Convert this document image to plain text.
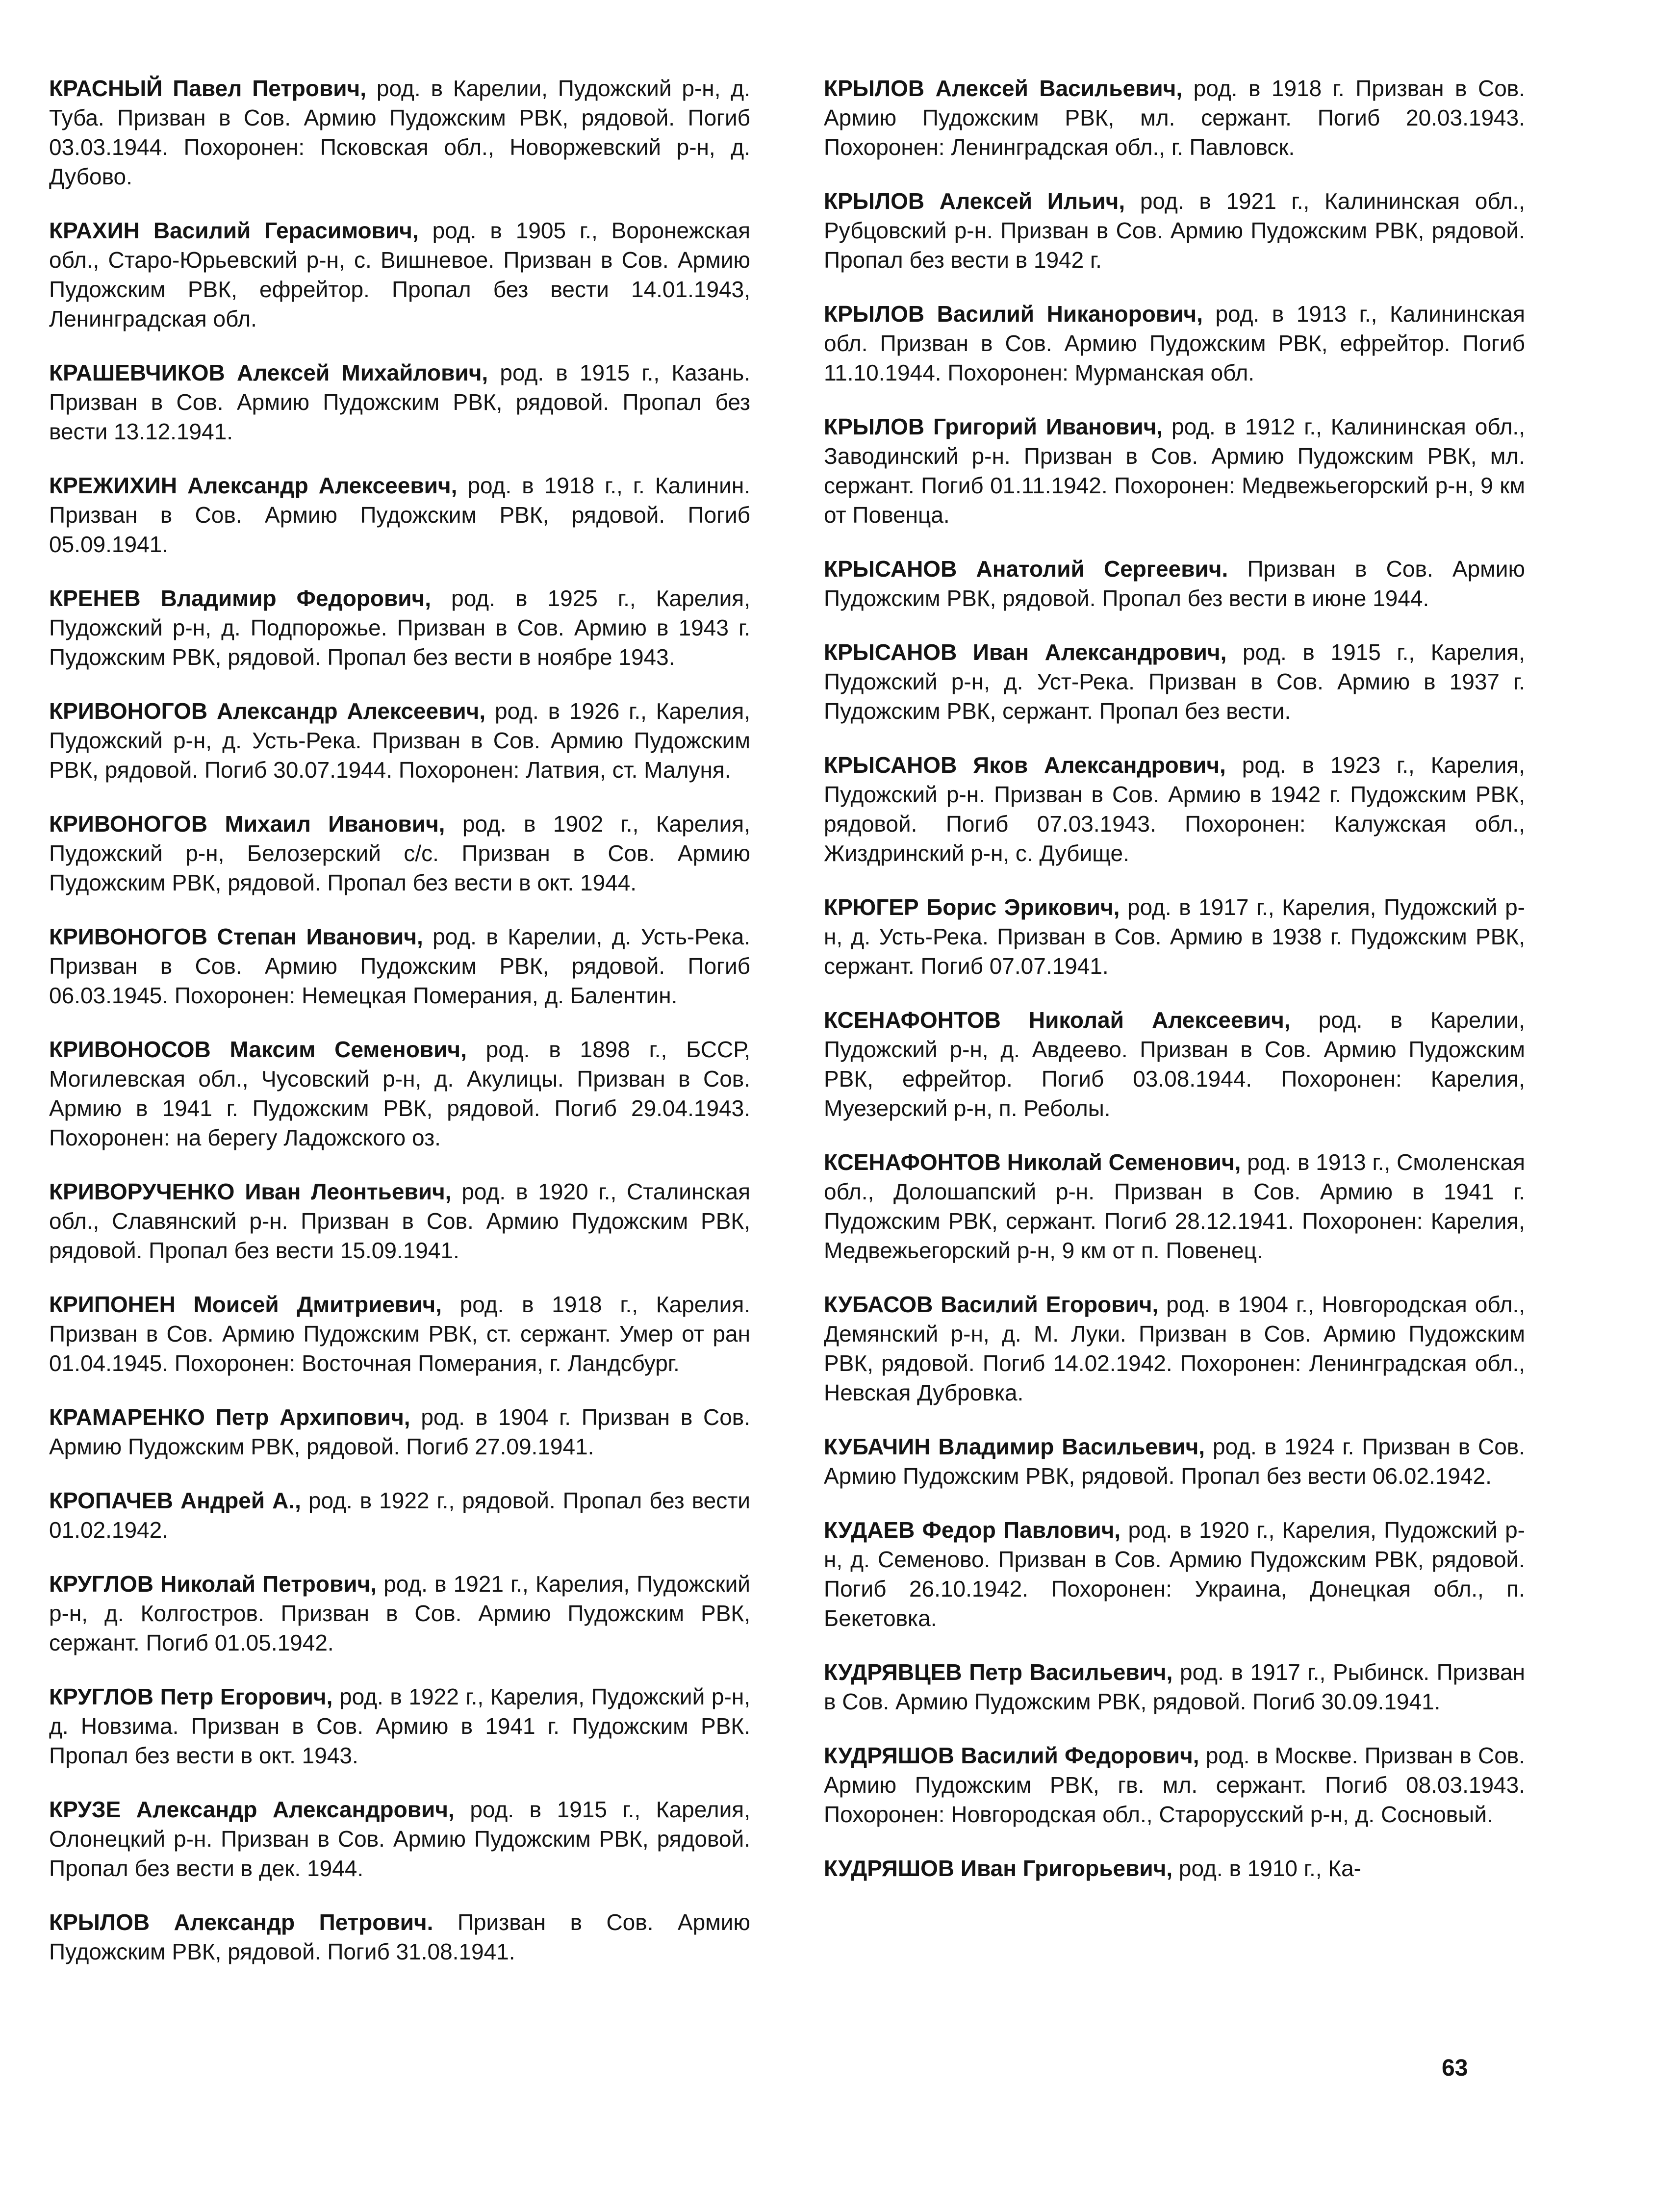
КРАСНЫЙ Павел Петрович, род. в Карелии, Пудожский р-н, д. Туба. Призван в Сов. Армию Пудожским РВК, рядовой. Погиб 03.03.1944. Похоронен: Псковская обл., Новоржевский р-н, д. Дубово.

КРАХИН Василий Герасимович, род. в 1905 г., Воронежская обл., Старо-Юрьевский р-н, с. Вишневое. Призван в Сов. Армию Пудожским РВК, ефрейтор. Пропал без вести 14.01.1943, Ленинградская обл.

КРАШЕВЧИКОВ Алексей Михайлович, род. в 1915 г., Казань. Призван в Сов. Армию Пудожским РВК, рядовой. Пропал без вести 13.12.1941.

КРЕЖИХИН Александр Алексеевич, род. в 1918 г., г. Калинин. Призван в Сов. Армию Пудожским РВК, рядовой. Погиб 05.09.1941.

КРЕНЕВ Владимир Федорович, род. в 1925 г., Карелия, Пудожский р-н, д. Подпорожье. Призван в Сов. Армию в 1943 г. Пудожским РВК, рядовой. Пропал без вести в ноябре 1943.

КРИВОНОГОВ Александр Алексеевич, род. в 1926 г., Карелия, Пудожский р-н, д. Усть-Река. Призван в Сов. Армию Пудожским РВК, рядовой. Погиб 30.07.1944. Похоронен: Латвия, ст. Малуня.

КРИВОНОГОВ Михаил Иванович, род. в 1902 г., Карелия, Пудожский р-н, Белозерский с/с. Призван в Сов. Армию Пудожским РВК, рядовой. Пропал без вести в окт. 1944.

КРИВОНОГОВ Степан Иванович, род. в Карелии, д. Усть-Река. Призван в Сов. Армию Пудожским РВК, рядовой. Погиб 06.03.1945. Похоронен: Немецкая Померания, д. Балентин.

КРИВОНОСОВ Максим Семенович, род. в 1898 г., БССР, Могилевская обл., Чусовский р-н, д. Акулицы. Призван в Сов. Армию в 1941 г. Пудожским РВК, рядовой. Погиб 29.04.1943. Похоронен: на берегу Ладожского оз.

КРИВОРУЧЕНКО Иван Леонтьевич, род. в 1920 г., Сталинская обл., Славянский р-н. Призван в Сов. Армию Пудожским РВК, рядовой. Пропал без вести 15.09.1941.

КРИПОНЕН Моисей Дмитриевич, род. в 1918 г., Карелия. Призван в Сов. Армию Пудожским РВК, ст. сержант. Умер от ран 01.04.1945. Похоронен: Восточная Померания, г. Ландсбург.

КРАМАРЕНКО Петр Архипович, род. в 1904 г. Призван в Сов. Армию Пудожским РВК, рядовой. Погиб 27.09.1941.

КРОПАЧЕВ Андрей А., род. в 1922 г., рядовой. Пропал без вести 01.02.1942.

КРУГЛОВ Николай Петрович, род. в 1921 г., Карелия, Пудожский р-н, д. Колгостров. Призван в Сов. Армию Пудожским РВК, сержант. Погиб 01.05.1942.

КРУГЛОВ Петр Егорович, род. в 1922 г., Карелия, Пудожский р-н, д. Новзима. Призван в Сов. Армию в 1941 г. Пудожским РВК. Пропал без вести в окт. 1943.

КРУЗЕ Александр Александрович, род. в 1915 г., Карелия, Олонецкий р-н. Призван в Сов. Армию Пудожским РВК, рядовой. Пропал без вести в дек. 1944.

КРЫЛОВ Александр Петрович. Призван в Сов. Армию Пудожским РВК, рядовой. Погиб 31.08.1941.

КРЫЛОВ Алексей Васильевич, род. в 1918 г. Призван в Сов. Армию Пудожским РВК, мл. сержант. Погиб 20.03.1943. Похоронен: Ленинградская обл., г. Павловск.

КРЫЛОВ Алексей Ильич, род. в 1921 г., Калининская обл., Рубцовский р-н. Призван в Сов. Армию Пудожским РВК, рядовой. Пропал без вести в 1942 г.

КРЫЛОВ Василий Никанорович, род. в 1913 г., Калининская обл. Призван в Сов. Армию Пудожским РВК, ефрейтор. Погиб 11.10.1944. Похоронен: Мурманская обл.

КРЫЛОВ Григорий Иванович, род. в 1912 г., Калининская обл., Заводинский р-н. Призван в Сов. Армию Пудожским РВК, мл. сержант. Погиб 01.11.1942. Похоронен: Медвежьегорский р-н, 9 км от Повенца.

КРЫСАНОВ Анатолий Сергеевич. Призван в Сов. Армию Пудожским РВК, рядовой. Пропал без вести в июне 1944.

КРЫСАНОВ Иван Александрович, род. в 1915 г., Карелия, Пудожский р-н, д. Уст-Река. Призван в Сов. Армию в 1937 г. Пудожским РВК, сержант. Пропал без вести.

КРЫСАНОВ Яков Александрович, род. в 1923 г., Карелия, Пудожский р-н. Призван в Сов. Армию в 1942 г. Пудожским РВК, рядовой. Погиб 07.03.1943. Похоронен: Калужская обл., Жиздринский р-н, с. Дубище.

КРЮГЕР Борис Эрикович, род. в 1917 г., Карелия, Пудожский р-н, д. Усть-Река. Призван в Сов. Армию в 1938 г. Пудожским РВК, сержант. Погиб 07.07.1941.

КСЕНАФОНТОВ Николай Алексеевич, род. в Карелии, Пудожский р-н, д. Авдеево. Призван в Сов. Армию Пудожским РВК, ефрейтор. Погиб 03.08.1944. Похоронен: Карелия, Муезерский р-н, п. Реболы.

КСЕНАФОНТОВ Николай Семенович, род. в 1913 г., Смоленская обл., Долошапский р-н. Призван в Сов. Армию в 1941 г. Пудожским РВК, сержант. Погиб 28.12.1941. Похоронен: Карелия, Медвежьегорский р-н, 9 км от п. Повенец.

КУБАСОВ Василий Егорович, род. в 1904 г., Новгородская обл., Демянский р-н, д. М. Луки. Призван в Сов. Армию Пудожским РВК, рядовой. Погиб 14.02.1942. Похоронен: Ленинградская обл., Невская Дубровка.

КУБАЧИН Владимир Васильевич, род. в 1924 г. Призван в Сов. Армию Пудожским РВК, рядовой. Пропал без вести 06.02.1942.

КУДАЕВ Федор Павлович, род. в 1920 г., Карелия, Пудожский р-н, д. Семеново. Призван в Сов. Армию Пудожским РВК, рядовой. Погиб 26.10.1942. Похоронен: Украина, Донецкая обл., п. Бекетовка.

КУДРЯВЦЕВ Петр Васильевич, род. в 1917 г., Рыбинск. Призван в Сов. Армию Пудожским РВК, рядовой. Погиб 30.09.1941.

КУДРЯШОВ Василий Федорович, род. в Москве. Призван в Сов. Армию Пудожским РВК, гв. мл. сержант. Погиб 08.03.1943. Похоронен: Новгородская обл., Старорусский р-н, д. Сосновый.

КУДРЯШОВ Иван Григорьевич, род. в 1910 г., Ка-

63
